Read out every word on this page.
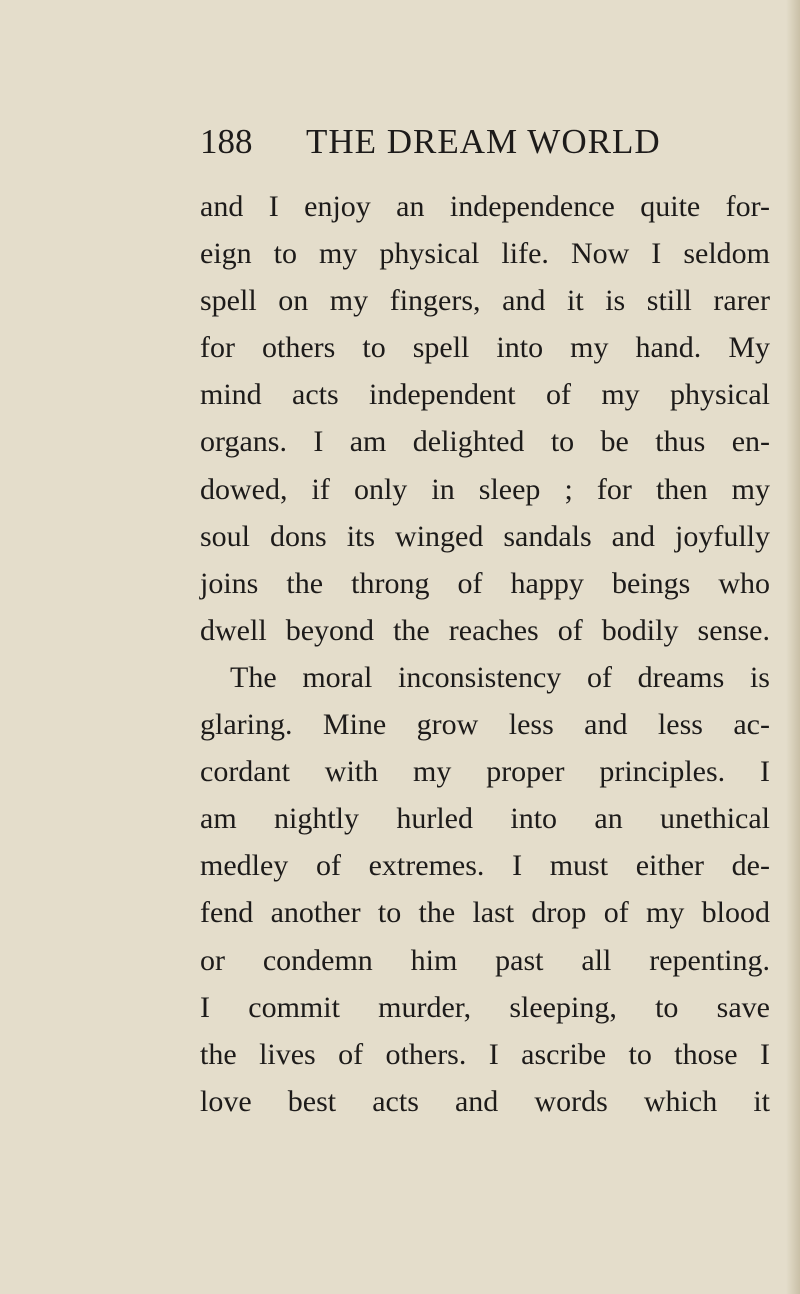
188 THE DREAM WORLD
and I enjoy an independence quite for-
eign to my physical life. Now I seldom
spell on my fingers, and it is still rarer
for others to spell into my hand. My
mind acts independent of my physical
organs. I am delighted to be thus en-
dowed, if only in sleep ; for then my
soul dons its winged sandals and joyfully
joins the throng of happy beings who
dwell beyond the reaches of bodily sense.
The moral inconsistency of dreams is
glaring. Mine grow less and less ac-
cordant with my proper principles. I
am nightly hurled into an unethical
medley of extremes. I must either de-
fend another to the last drop of my blood
or condemn him past all repenting.
I commit murder, sleeping, to save
the lives of others. I ascribe to those I
love best acts and words which it
